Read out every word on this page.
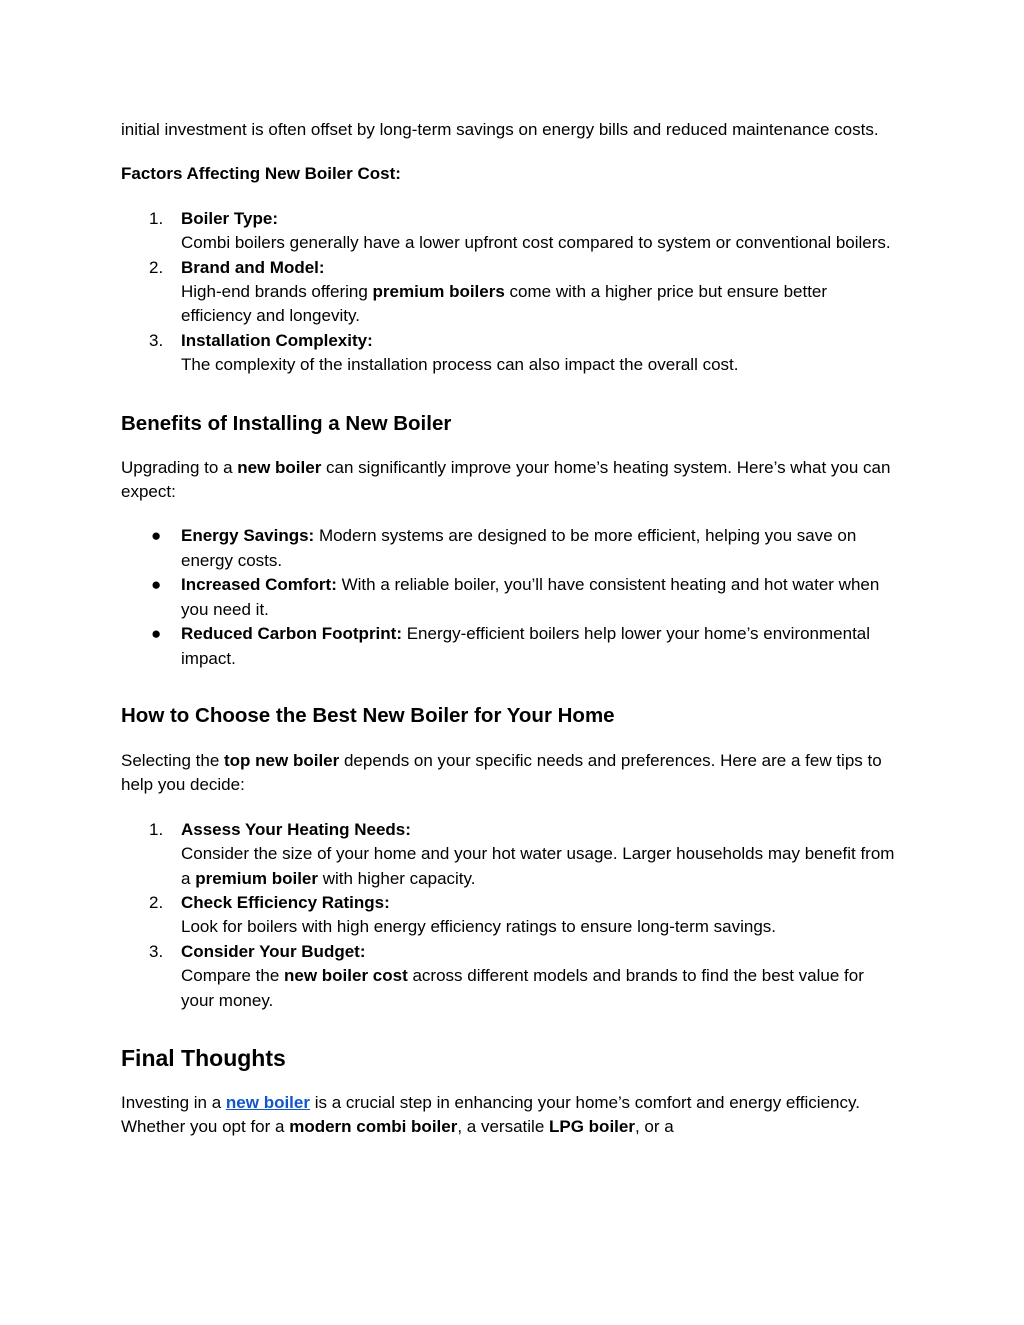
initial investment is often offset by long-term savings on energy bills and reduced maintenance costs.

Factors Affecting New Boiler Cost:
1. Boiler Type:
Combi boilers generally have a lower upfront cost compared to system or conventional boilers.
2. Brand and Model:
High-end brands offering premium boilers come with a higher price but ensure better efficiency and longevity.
3. Installation Complexity:
The complexity of the installation process can also impact the overall cost.
Benefits of Installing a New Boiler

Upgrading to a new boiler can significantly improve your home’s heating system. Here’s what you can expect:

● Energy Savings: Modern systems are designed to be more efficient, helping you save on energy costs.
● Increased Comfort: With a reliable boiler, you’ll have consistent heating and hot water when you need it.
● Reduced Carbon Footprint: Energy-efficient boilers help lower your home’s environmental impact.
How to Choose the Best New Boiler for Your Home

Selecting the top new boiler depends on your specific needs and preferences. Here are a few tips to help you decide:

1. Assess Your Heating Needs:
Consider the size of your home and your hot water usage. Larger households may benefit from a premium boiler with higher capacity.
2. Check Efficiency Ratings:
Look for boilers with high energy efficiency ratings to ensure long-term savings.
3. Consider Your Budget:
Compare the new boiler cost across different models and brands to find the best value for your money.
Final Thoughts

Investing in a new boiler is a crucial step in enhancing your home’s comfort and energy efficiency. Whether you opt for a modern combi boiler, a versatile LPG boiler, or a
